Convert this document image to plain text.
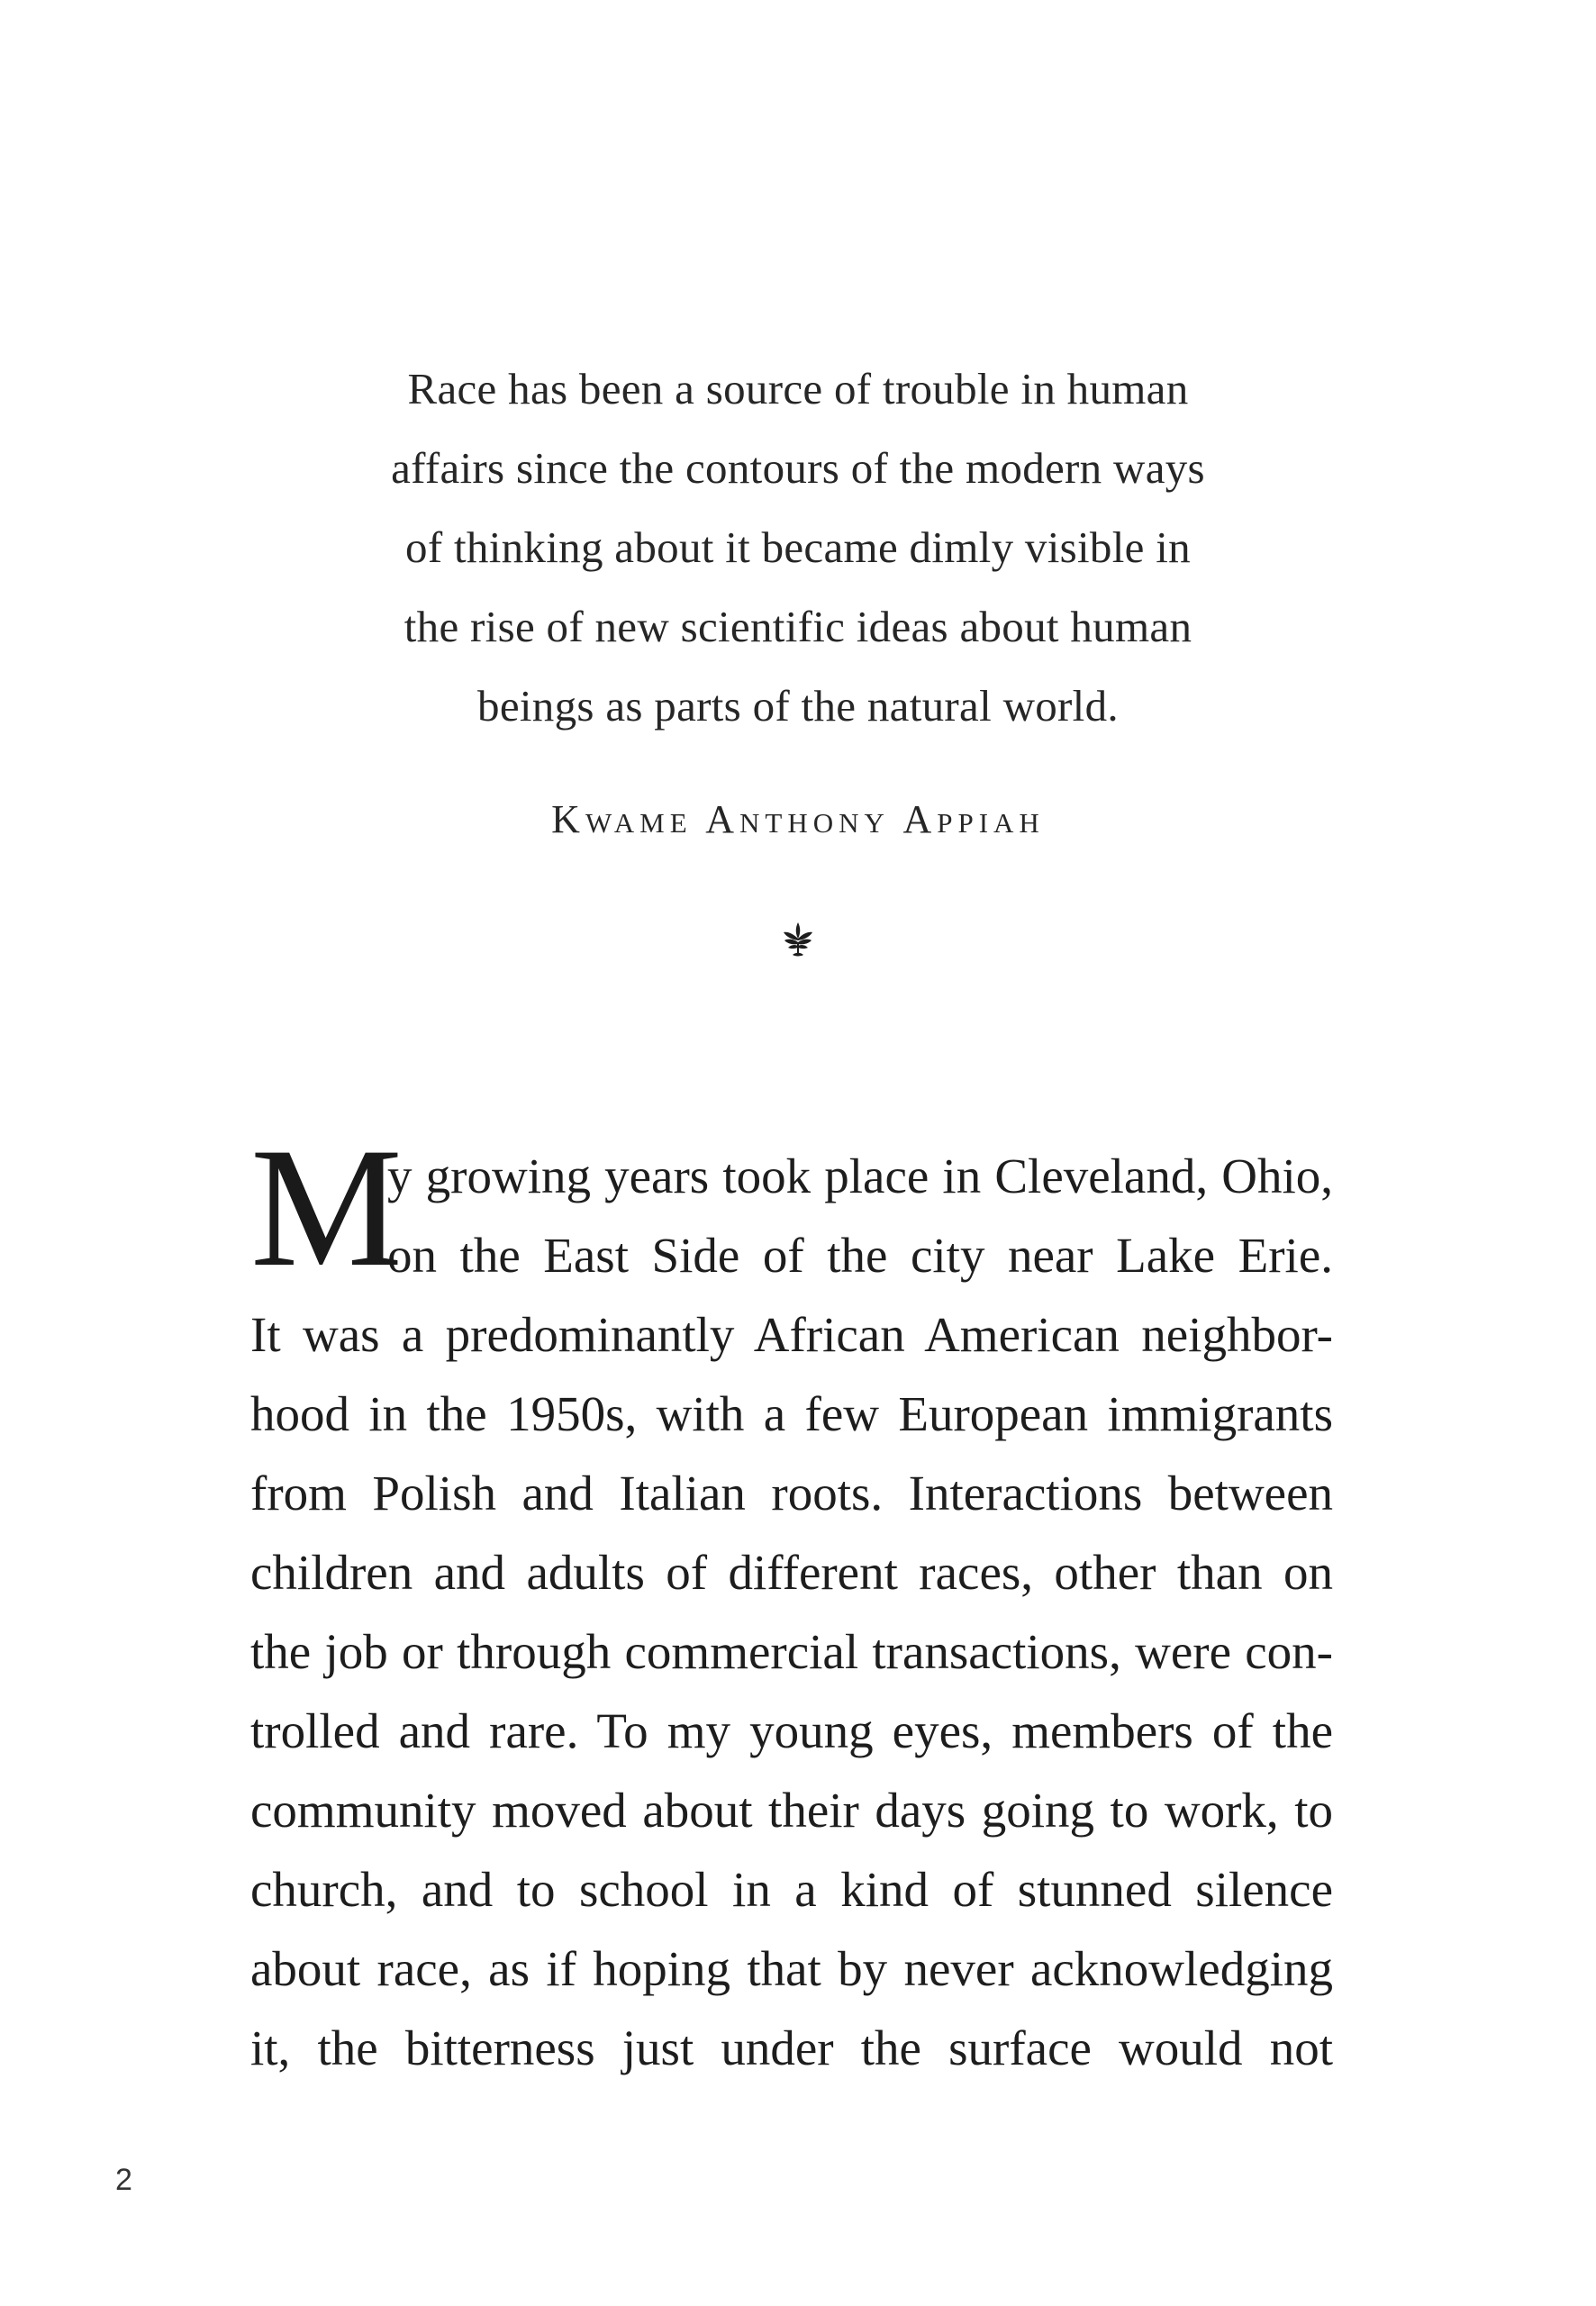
Race has been a source of trouble in human
affairs since the contours of the modern ways
of thinking about it became dimly visible in
the rise of new scientific ideas about human
beings as parts of the natural world.
Kwame Anthony Appiah
M
y growing years took place in Cleveland, Ohio,
on the East Side of the city near Lake Erie.
It was a predominantly African American neighbor-
hood in the 1950s, with a few European immigrants
from Polish and Italian roots. Interactions between
children and adults of different races, other than on
the job or through commercial transactions, were con-
trolled and rare. To my young eyes, members of the
community moved about their days going to work, to
church, and to school in a kind of stunned silence
about race, as if hoping that by never acknowledging
it, the bitterness just under the surface would not
2
